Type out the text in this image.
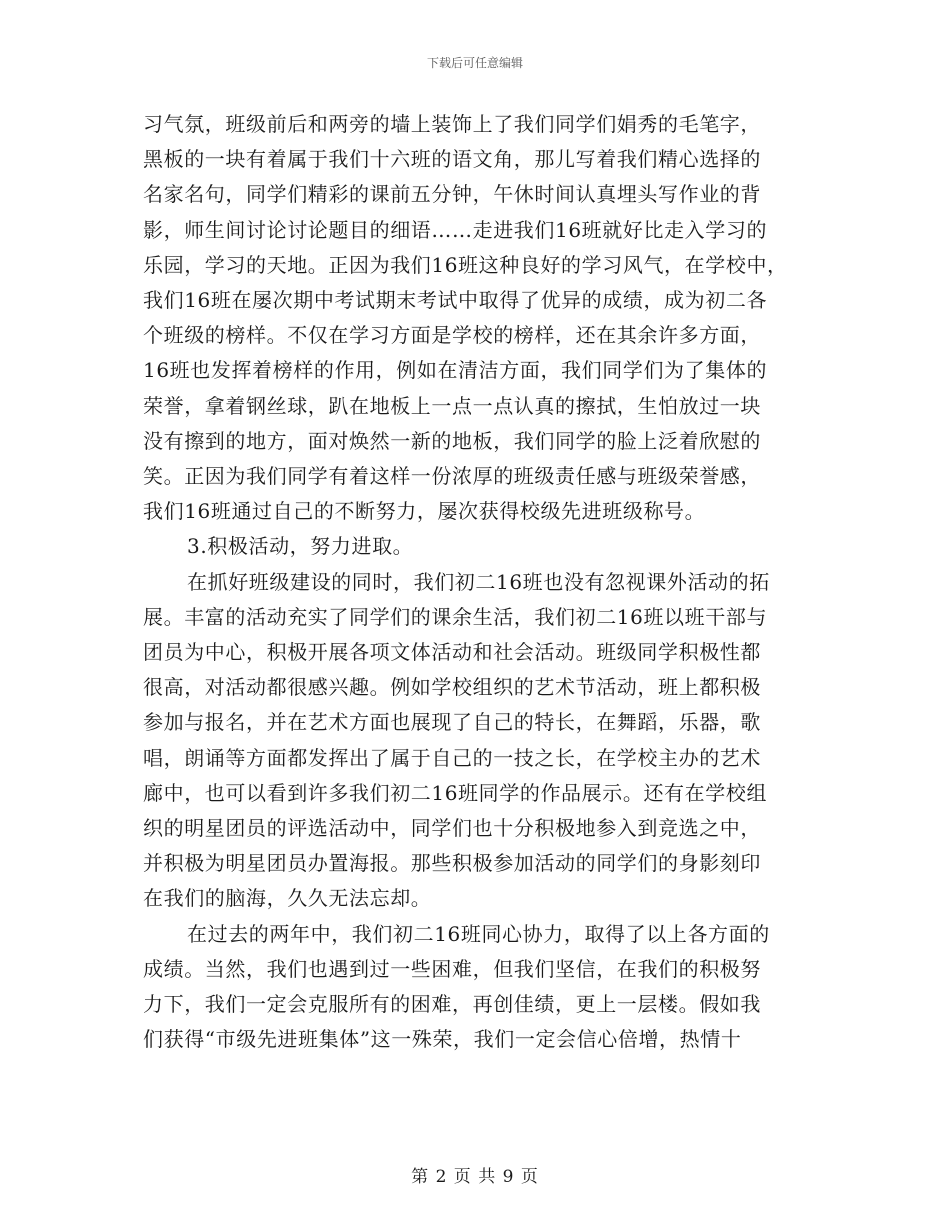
下载后可任意编辑
习气氛，班级前后和两旁的墙上装饰上了我们同学们娟秀的毛笔字，
黑板的一块有着属于我们十六班的语文角，那儿写着我们精心选择的
名家名句，同学们精彩的课前五分钟，午休时间认真埋头写作业的背
影，师生间讨论讨论题目的细语……走进我们16班就好比走入学习的
乐园，学习的天地。正因为我们16班这种良好的学习风气，在学校中，
我们16班在屡次期中考试期末考试中取得了优异的成绩，成为初二各
个班级的榜样。不仅在学习方面是学校的榜样，还在其余许多方面，
16班也发挥着榜样的作用，例如在清洁方面，我们同学们为了集体的
荣誉，拿着钢丝球，趴在地板上一点一点认真的擦拭，生怕放过一块
没有擦到的地方，面对焕然一新的地板，我们同学的脸上泛着欣慰的
笑。正因为我们同学有着这样一份浓厚的班级责任感与班级荣誉感，
我们16班通过自己的不断努力，屡次获得校级先进班级称号。
3.积极活动，努力进取。
在抓好班级建设的同时，我们初二16班也没有忽视课外活动的拓
展。丰富的活动充实了同学们的课余生活，我们初二16班以班干部与
团员为中心，积极开展各项文体活动和社会活动。班级同学积极性都
很高，对活动都很感兴趣。例如学校组织的艺术节活动，班上都积极
参加与报名，并在艺术方面也展现了自己的特长，在舞蹈，乐器，歌
唱，朗诵等方面都发挥出了属于自己的一技之长，在学校主办的艺术
廊中，也可以看到许多我们初二16班同学的作品展示。还有在学校组
织的明星团员的评选活动中，同学们也十分积极地参入到竞选之中，
并积极为明星团员办置海报。那些积极参加活动的同学们的身影刻印
在我们的脑海，久久无法忘却。
在过去的两年中，我们初二16班同心协力，取得了以上各方面的
成绩。当然，我们也遇到过一些困难，但我们坚信，在我们的积极努
力下，我们一定会克服所有的困难，再创佳绩，更上一层楼。假如我
们获得“市级先进班集体”这一殊荣，我们一定会信心倍增，热情十
第 2 页 共 9 页
